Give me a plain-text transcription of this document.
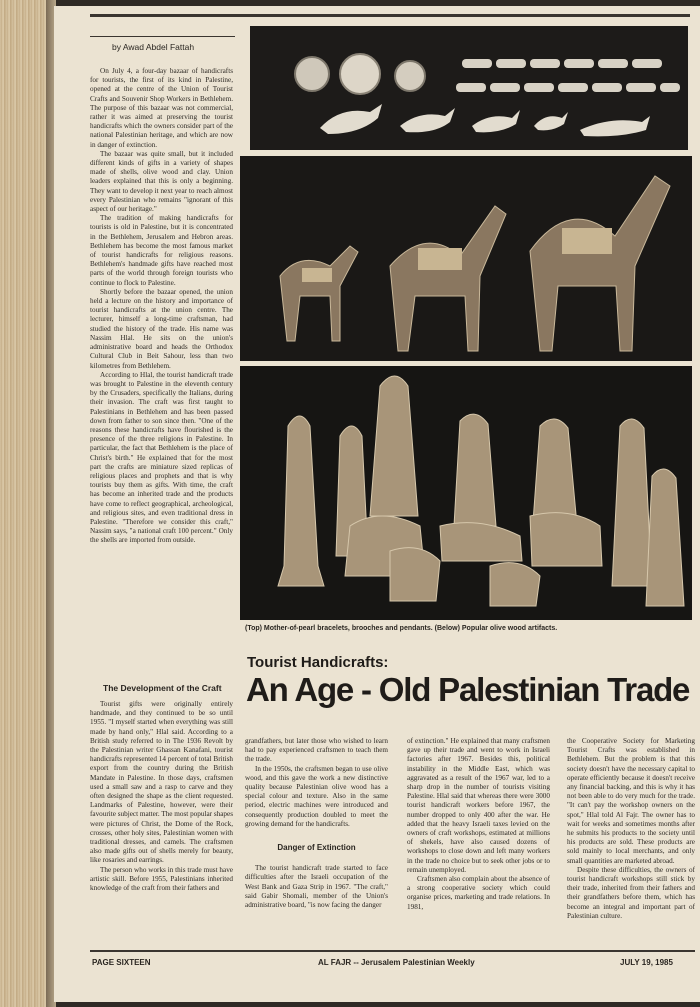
by Awad Abdel Fattah

On July 4, a four-day bazaar of handicrafts for tourists, the first of its kind in Palestine, opened at the centre of the Union of Tourist Crafts and Souvenir Shop Workers in Bethlehem. The purpose of this bazaar was not commercial, rather it was aimed at preserving the tourist handicrafts which the owners consider part of the national Palestinian heritage, and which are now in danger of extinction.

The bazaar was quite small, but it included different kinds of gifts in a variety of shapes made of shells, olive wood and clay. Union leaders explained that this is only a beginning. They want to develop it next year to reach almost every Palestinian who remains "ignorant of this aspect of our heritage."

The tradition of making handicrafts for tourists is old in Palestine, but it is concentrated in the Bethlehem, Jerusalem and Hebron areas. Bethlehem has become the most famous market of tourist handicrafts for religious reasons. Bethlehem's handmade gifts have reached most parts of the world through foreign tourists who continue to flock to Palestine.

Shortly before the bazaar opened, the union held a lecture on the history and importance of tourist handicrafts at the union centre. The lecturer, himself a long-time craftsman, had studied the history of the trade. His name was Nassim Hlal. He sits on the union's administrative board and heads the Orthodox Cultural Club in Beit Sahour, less than two kilometres from Bethlehem.

According to Hlal, the tourist handicraft trade was brought to Palestine in the eleventh century by the Crusaders, specifically the Italians, during their invasion. The craft was first taught to Palestinians in Bethlehem and has been passed down from father to son since then. "One of the reasons these handicrafts have flourished is the presence of the three religions in Palestine. In particular, the fact that Bethlehem is the place of Christ's birth." He explained that for the most part the crafts are miniature sized replicas of religious places and prophets and that is why tourists buy them as gifts. With time, the craft has become an inherited trade and the products have come to reflect geographical, archeological, and religious sites, and even traditional dress in Palestine. "Therefore we consider this craft," Nassim says, "a national craft 100 percent." Only the shells are imported from outside.

The Development of the Craft

Tourist gifts were originally entirely handmade, and they continued to be so until 1955. "I myself started when everything was still made by hand only," Hlal said. According to a British study referred to in The 1936 Revolt by the Palestinian writer Ghassan Kanafani, tourist handicrafts represented 14 percent of total British export from the country during the British Mandate in Palestine. In those days, craftsmen used a small saw and a rasp to carve and they often designed the shape as the client requested. Landmarks of Palestine, however, were their favourite subject matter. The most popular shapes were pictures of Christ, the Dome of the Rock, crosses, other holy sites, Palestinian women with traditional dresses, and camels. The craftsmen also made gifts out of shells merely for beauty, like rosaries and earrings.

The person who works in this trade must have artistic skill. Before 1955, Palestinians inherited knowledge of the craft from their fathers and

(Top) Mother-of-pearl bracelets, brooches and pendants. (Below) Popular olive wood artifacts.
Tourist Handicrafts:
An Age - Old Palestinian Trade

grandfathers, but later those who wished to learn had to pay experienced craftsmen to teach them the trade.

In the 1950s, the craftsmen began to use olive wood, and this gave the work a new distinctive quality because Palestinian olive wood has a special colour and texture. Also in the same period, electric machines were introduced and consequently production doubled to meet the growing demand for the handicrafts.

Danger of Extinction

The tourist handicraft trade started to face difficulties after the Israeli occupation of the West Bank and Gaza Strip in 1967. "The craft," said Gabir Shomali, member of the Union's administrative board, "is now facing the danger

of extinction." He explained that many craftsmen gave up their trade and went to work in Israeli factories after 1967. Besides this, political instability in the Middle East, which was aggravated as a result of the 1967 war, led to a sharp drop in the number of tourists visiting Palestine. Hlal said that whereas there were 3000 tourist handicraft workers before 1967, the number dropped to only 400 after the war. He added that the heavy Israeli taxes levied on the owners of craft workshops, estimated at millions of shekels, have also caused dozens of workshops to close down and left many workers in the trade no choice but to seek other jobs or to remain unemployed.

Craftsmen also complain about the absence of a strong cooperative society which could organise prices, marketing and trade relations. In 1981,

the Cooperative Society for Marketing Tourist Crafts was established in Bethlehem. But the problem is that this society doesn't have the necessary capital to operate efficiently because it doesn't receive any financial backing, and this is why it has not been able to do very much for the trade. "It can't pay the workshop owners on the spot," Hlal told Al Fajr. The owner has to wait for weeks and sometimes months after he submits his products to the society until his products are sold. These products are sold mainly to local merchants, and only small quantities are marketed abroad.

Despite these difficulties, the owners of tourist handicraft workshops still stick by their trade, inherited from their fathers and their grandfathers before them, which has become an integral and important part of Palestinian culture.

PAGE SIXTEEN	AL FAJR -- Jerusalem Palestinian Weekly	JULY 19, 1985
